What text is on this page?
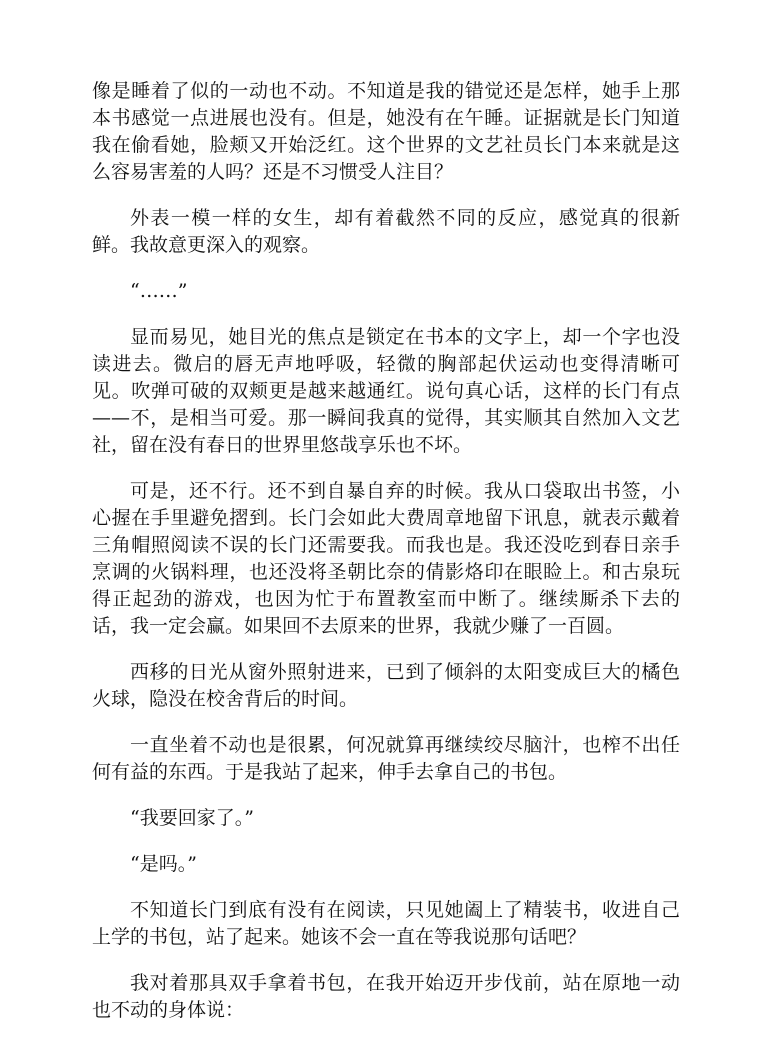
像是睡着了似的一动也不动。不知道是我的错觉还是怎样，她手上那本书感觉一点进展也没有。但是，她没有在午睡。证据就是长门知道我在偷看她，脸颊又开始泛红。这个世界的文艺社员长门本来就是这么容易害羞的人吗？还是不习惯受人注目？

外表一模一样的女生，却有着截然不同的反应，感觉真的很新鲜。我故意更深入的观察。

“……”

显而易见，她目光的焦点是锁定在书本的文字上，却一个字也没读进去。微启的唇无声地呼吸，轻微的胸部起伏运动也变得清晰可见。吹弹可破的双颊更是越来越通红。说句真心话，这样的长门有点——不，是相当可爱。那一瞬间我真的觉得，其实顺其自然加入文艺社，留在没有春日的世界里悠哉享乐也不坏。

可是，还不行。还不到自暴自弃的时候。我从口袋取出书签，小心握在手里避免摺到。长门会如此大费周章地留下讯息，就表示戴着三角帽照阅读不误的长门还需要我。而我也是。我还没吃到春日亲手烹调的火锅料理，也还没将圣朝比奈的倩影烙印在眼睑上。和古泉玩得正起劲的游戏，也因为忙于布置教室而中断了。继续厮杀下去的话，我一定会赢。如果回不去原来的世界，我就少赚了一百圆。

西移的日光从窗外照射进来，已到了倾斜的太阳变成巨大的橘色火球，隐没在校舍背后的时间。

一直坐着不动也是很累，何况就算再继续绞尽脑汁，也榨不出任何有益的东西。于是我站了起来，伸手去拿自己的书包。

“我要回家了。”

“是吗。”

不知道长门到底有没有在阅读，只见她阖上了精装书，收进自己上学的书包，站了起来。她该不会一直在等我说那句话吧？

我对着那具双手拿着书包，在我开始迈开步伐前，站在原地一动也不动的身体说：
